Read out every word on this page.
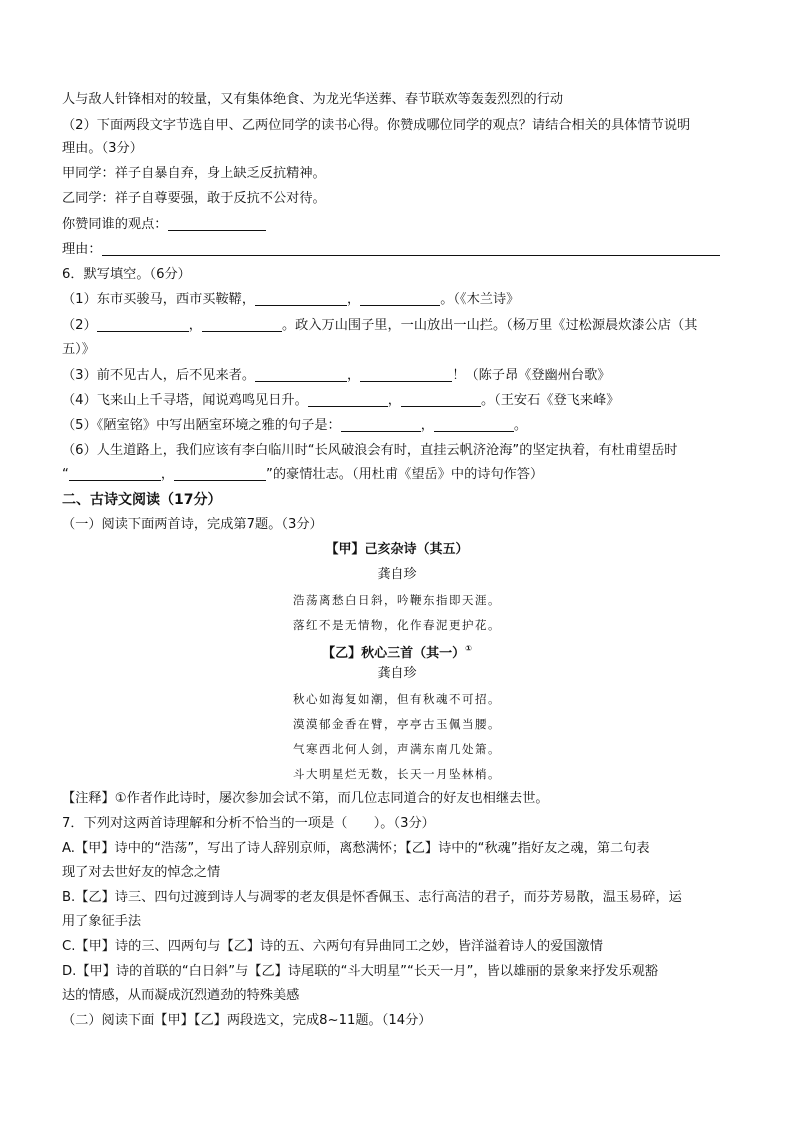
人与敌人针锋相对的较量，又有集体绝食、为龙光华送葬、春节联欢等轰轰烈烈的行动
（2）下面两段文字节选自甲、乙两位同学的读书心得。你赞成哪位同学的观点？请结合相关的具体情节说明
理由。（3分）
甲同学：祥子自暴自弃，身上缺乏反抗精神。
乙同学：祥子自尊要强，敢于反抗不公对待。
你赞同谁的观点：
理由：
6．默写填空。（6分）
（1）东市买骏马，西市买鞍鞯，	，	。（《木兰诗》
（2）	，	。政入万山围子里，一山放出一山拦。（杨万里《过松源晨炊漆公店（其
五）》
（3）前不见古人，后不见来者。	，	！（陈子昂《登幽州台歌》
（4）飞来山上千寻塔，闻说鸡鸣见日升。	，	。（王安石《登飞来峰》
（5）《陋室铭》中写出陋室环境之雅的句子是：	，	。
（6）人生道路上，我们应该有李白临川时“长风破浪会有时，直挂云帆济沧海”的坚定执着，有杜甫望岳时
“	，	”的豪情壮志。（用杜甫《望岳》中的诗句作答）
二、古诗文阅读（17分）
（一）阅读下面两首诗，完成第7题。（3分）
【甲】己亥杂诗（其五）
龚自珍
浩荡离愁白日斜，吟鞭东指即天涯。
落红不是无情物，化作春泥更护花。
【乙】秋心三首（其一）①
龚自珍
秋心如海复如潮，但有秋魂不可招。
漠漠郁金香在臂，亭亭古玉佩当腰。
气寒西北何人剑，声满东南几处箫。
斗大明星烂无数，长天一月坠林梢。
【注释】①作者作此诗时，屡次参加会试不第，而几位志同道合的好友也相继去世。
7．下列对这两首诗理解和分析不恰当的一项是（　　）。（3分）
A.【甲】诗中的“浩荡”，写出了诗人辞别京师，离愁满怀；【乙】诗中的“秋魂”指好友之魂，第二句表
现了对去世好友的悼念之情
B.【乙】诗三、四句过渡到诗人与凋零的老友俱是怀香佩玉、志行高洁的君子，而芬芳易散，温玉易碎，运
用了象征手法
C.【甲】诗的三、四两句与【乙】诗的五、六两句有异曲同工之妙，皆洋溢着诗人的爱国激情
D.【甲】诗的首联的“白日斜”与【乙】诗尾联的“斗大明星”“长天一月”，皆以雄丽的景象来抒发乐观豁
达的情感，从而凝成沉烈遒劲的特殊美感
（二）阅读下面【甲】【乙】两段选文，完成8~11题。（14分）
